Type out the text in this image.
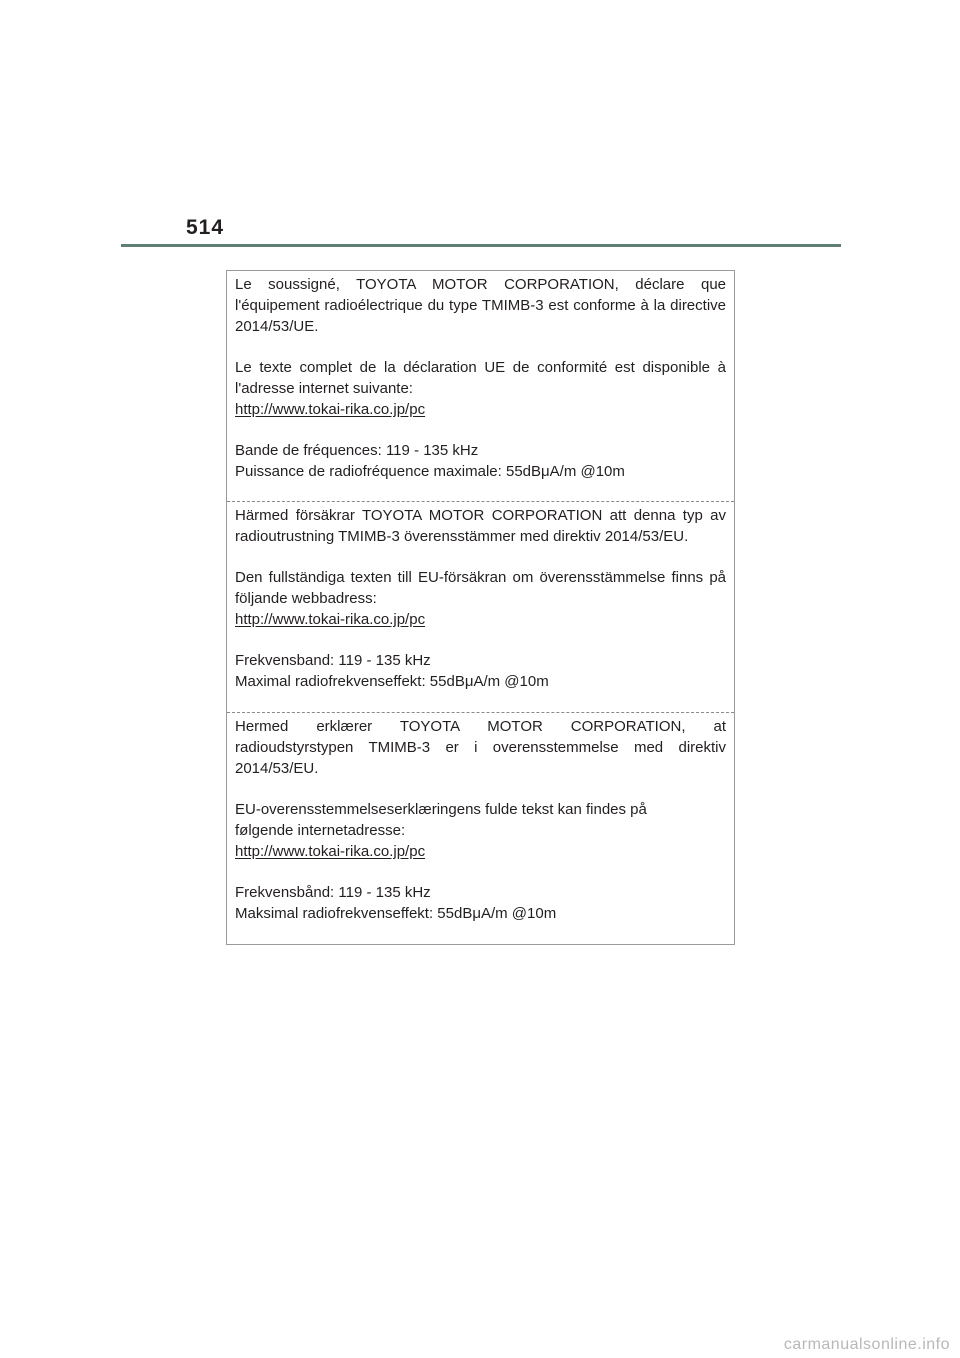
514

Le soussigné, TOYOTA MOTOR CORPORATION, déclare que l'équipement radioélectrique du type TMIMB-3 est conforme à la directive 2014/53/UE.

Le texte complet de la déclaration UE de conformité est disponible à l'adresse internet suivante:
http://www.tokai-rika.co.jp/pc

Bande de fréquences: 119 - 135 kHz
Puissance de radiofréquence maximale: 55dBμA/m @10m

Härmed försäkrar TOYOTA MOTOR CORPORATION att denna typ av radioutrustning TMIMB-3 överensstämmer med direktiv 2014/53/EU.

Den fullständiga texten till EU-försäkran om överensstämmelse finns på följande webbadress:
http://www.tokai-rika.co.jp/pc

Frekvensband: 119 - 135 kHz
Maximal radiofrekvenseffekt: 55dBμA/m @10m

Hermed erklærer TOYOTA MOTOR CORPORATION, at radioudstyrstypen TMIMB-3 er i overensstemmelse med direktiv 2014/53/EU.

EU-overensstemmelseserklæringens fulde tekst kan findes på
følgende internetadresse:
http://www.tokai-rika.co.jp/pc

Frekvensbånd: 119 - 135 kHz
Maksimal radiofrekvenseffekt: 55dBμA/m @10m

carmanualsonline.info
